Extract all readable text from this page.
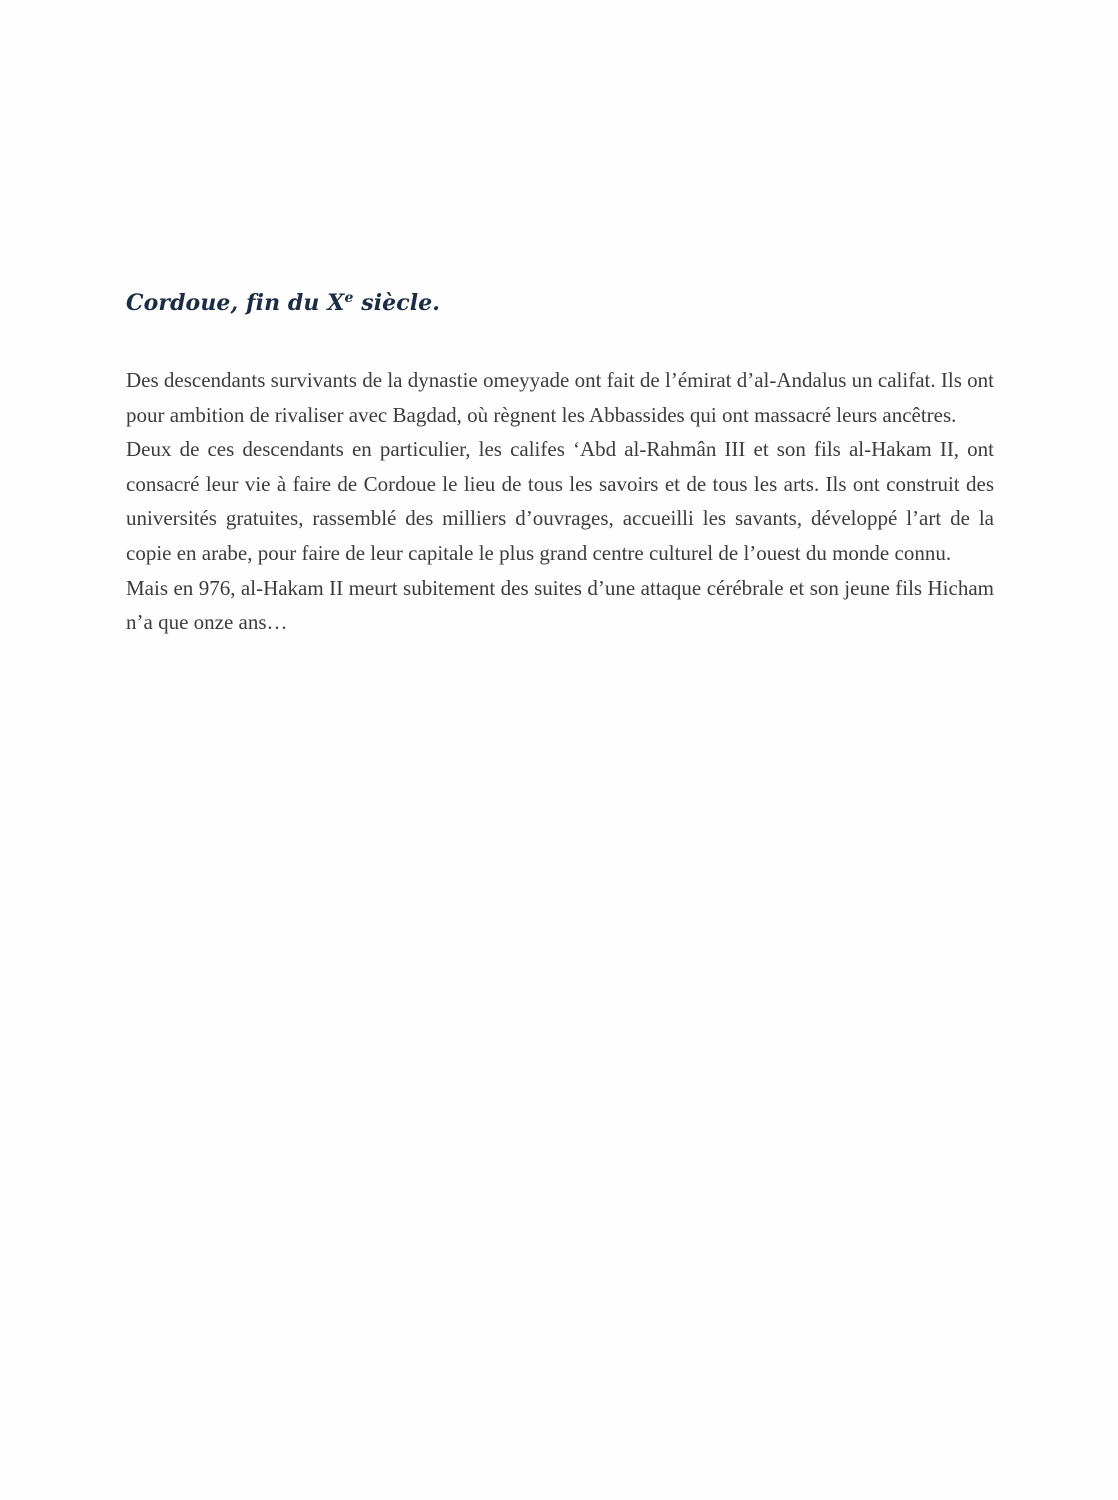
Cordoue, fin du Xe siècle.

Des descendants survivants de la dynastie omeyyade ont fait de l’émirat d’al-Andalus un califat. Ils ont pour ambition de rivaliser avec Bagdad, où règnent les Abbassides qui ont massacré leurs ancêtres.

Deux de ces descendants en particulier, les califes ‘Abd al-Rahmân III et son fils al-Hakam II, ont consacré leur vie à faire de Cordoue le lieu de tous les savoirs et de tous les arts. Ils ont construit des universités gratuites, rassemblé des milliers d’ouvrages, accueilli les savants, développé l’art de la copie en arabe, pour faire de leur capitale le plus grand centre culturel de l’ouest du monde connu.

Mais en 976, al-Hakam II meurt subitement des suites d’une attaque cérébrale et son jeune fils Hicham n’a que onze ans…
